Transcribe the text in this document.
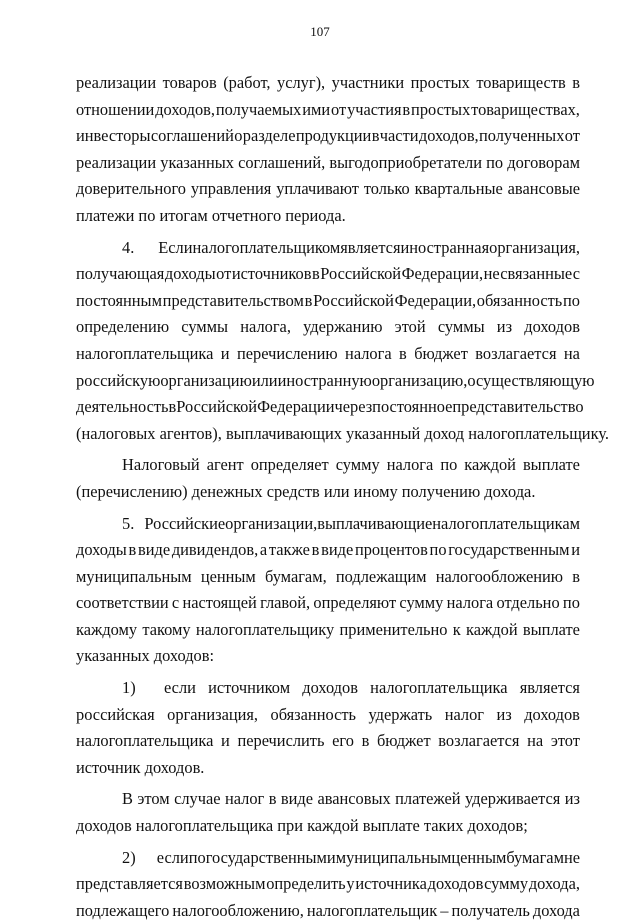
107
реализации товаров (работ, услуг), участники простых товариществ в
отношении доходов, получаемых ими от участия в простых товариществах,
инвесторы соглашений о разделе продукции в части доходов, полученных от
реализации указанных соглашений, выгодоприобретатели по договорам
доверительного управления уплачивают только квартальные авансовые
платежи по итогам отчетного периода.
4.	Если налогоплательщиком является иностранная организация,
получающая доходы от источников в Российской Федерации, не связанные с
постоянным представительством в Российской Федерации, обязанность по
определению суммы налога, удержанию этой суммы из доходов
налогоплательщика и перечислению налога в бюджет возлагается на
российскую организацию или иностранную организацию, осуществляющую
деятельность в Российской Федерации через постоянное представительство
(налоговых агентов), выплачивающих указанный доход налогоплательщику.
Налоговый агент определяет сумму налога по каждой выплате
(перечислению) денежных средств или иному получению дохода.
5. Российские организации, выплачивающие налогоплательщикам
доходы в виде дивидендов, а также в виде процентов по государственным и
муниципальным ценным бумагам, подлежащим налогообложению в
соответствии с настоящей главой, определяют сумму налога отдельно по
каждому такому налогоплательщику применительно к каждой выплате
указанных доходов:
1)	если источником доходов налогоплательщика является
российская организация, обязанность удержать налог из доходов
налогоплательщика и перечислить его в бюджет возлагается на этот
источник доходов.
В этом случае налог в виде авансовых платежей удерживается из
доходов налогоплательщика при каждой выплате таких доходов;
2)	если по государственным и муниципальным ценным бумагам не
представляется возможным определить у источника доходов сумму дохода,
подлежащего налогообложению, налогоплательщик – получатель дохода
